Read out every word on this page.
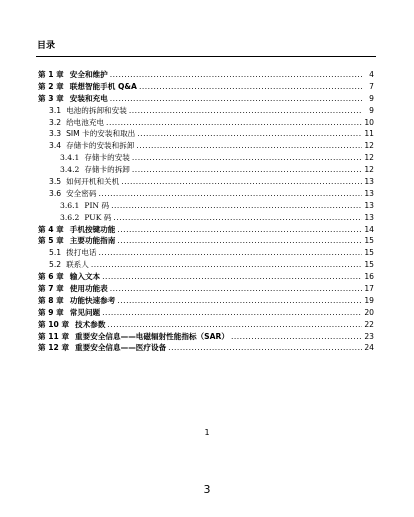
目录
第 1 章 安全和维护 .....	4
第 2 章 联想智能手机 Q&A .....	7
第 3 章 安装和充电 .....	9
3.1 电池的拆卸和安装 .....	9
3.2 给电池充电 .....	10
3.3 SIM 卡的安装和取出 .....	11
3.4 存储卡的安装和拆卸 .....	12
3.4.1 存储卡的安装 .....	12
3.4.2 存储卡的拆卸 .....	12
3.5 如何开机和关机 .....	13
3.6 安全密码 .....	13
3.6.1 PIN 码 .....	13
3.6.2 PUK 码 .....	13
第 4 章 手机按键功能 .....	14
第 5 章 主要功能指南 .....	15
5.1 拨打电话 .....	15
5.2 联系人 .....	15
第 6 章 输入文本 .....	16
第 7 章 使用功能表 .....	17
第 8 章 功能快速参考 .....	19
第 9 章 常见问题 .....	20
第 10 章 技术参数 .....	22
第 11 章 重要安全信息——电磁辐射性能指标（SAR） .....	23
第 12 章 重要安全信息——医疗设备 .....	24
1
3
